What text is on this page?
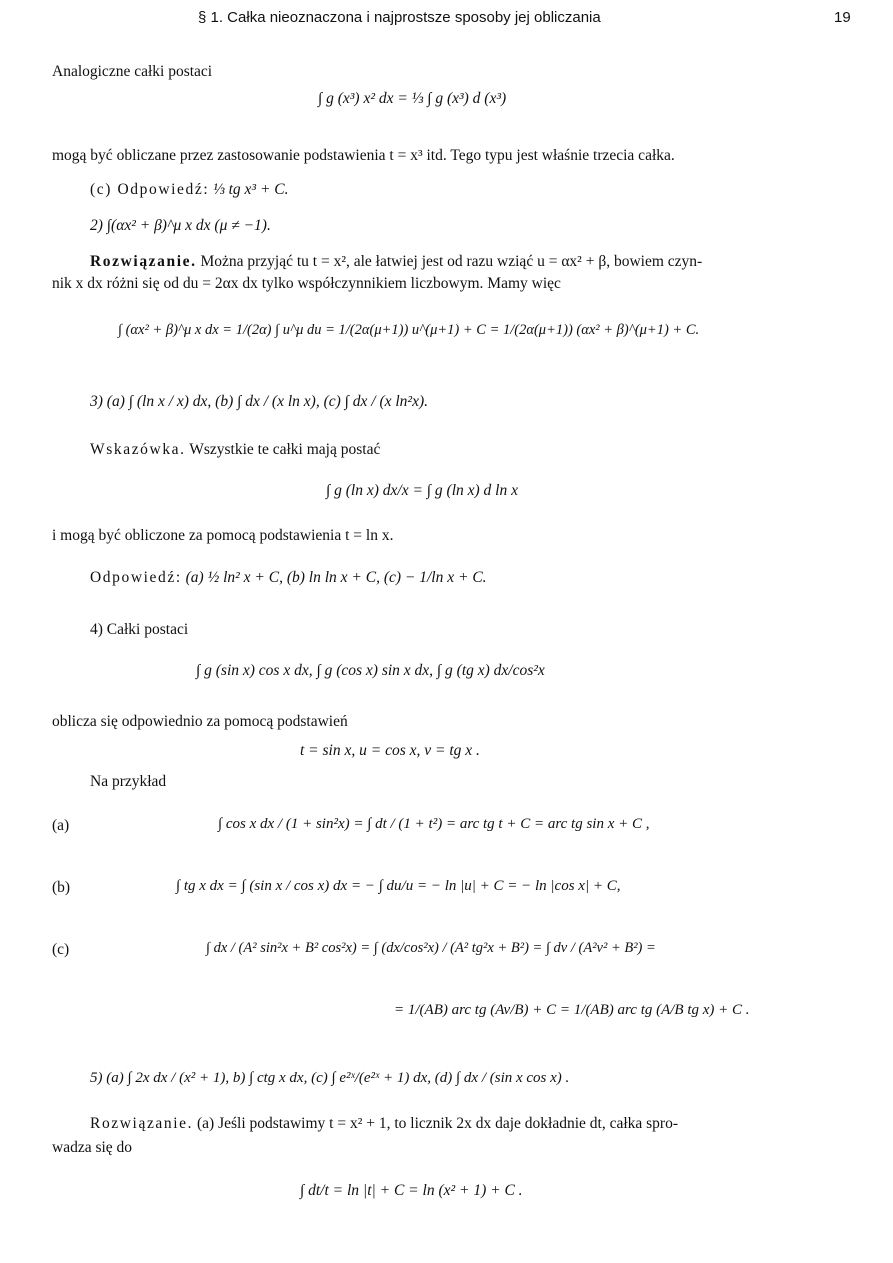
§ 1. Całka nieoznaczona i najprostsze sposoby jej obliczania	19
Analogiczne całki postaci
∫ g (x³) x² dx = ⅓ ∫ g (x³) d (x³)
mogą być obliczane przez zastosowanie podstawienia t = x³ itd. Tego typu jest właśnie trzecia całka.
(c) Odpowiedź: ⅓ tg x³ + C.
2) ∫(αx² + β)^μ x dx (μ ≠ −1).
Rozwiązanie. Można przyjąć tu t = x², ale łatwiej jest od razu wziąć u = αx² + β, bowiem czyn-
nik x dx różni się od du = 2αx dx tylko współczynnikiem liczbowym. Mamy więc
∫ (αx² + β)^μ x dx = 1/(2α) ∫ u^μ du = 1/(2α(μ+1)) u^(μ+1) + C = 1/(2α(μ+1)) (αx² + β)^(μ+1) + C.
3) (a) ∫ (ln x / x) dx, (b) ∫ dx / (x ln x), (c) ∫ dx / (x ln²x).
Wskazówka. Wszystkie te całki mają postać
∫ g (ln x) dx/x = ∫ g (ln x) d ln x
i mogą być obliczone za pomocą podstawienia t = ln x.
Odpowiedź: (a) ½ ln² x + C, (b) ln ln x + C, (c) − 1/ln x + C.
4) Całki postaci
∫ g (sin x) cos x dx, ∫ g (cos x) sin x dx, ∫ g (tg x) dx/cos²x
oblicza się odpowiednio za pomocą podstawień
t = sin x, u = cos x, v = tg x .
Na przykład
(a)	∫ cos x dx / (1 + sin²x) = ∫ dt / (1 + t²) = arc tg t + C = arc tg sin x + C ,
(b)	∫ tg x dx = ∫ (sin x / cos x) dx = − ∫ du/u = − ln |u| + C = − ln |cos x| + C,
(c)	∫ dx / (A² sin²x + B² cos²x) = ∫ (dx/cos²x) / (A² tg²x + B²) = ∫ dv / (A²v² + B²) =
= 1/(AB) arc tg (Av/B) + C = 1/(AB) arc tg (A/B tg x) + C .
5) (a) ∫ 2x dx / (x² + 1), b) ∫ ctg x dx, (c) ∫ e²ˣ/(e²ˣ + 1) dx, (d) ∫ dx / (sin x cos x) .
Rozwiązanie. (a) Jeśli podstawimy t = x² + 1, to licznik 2x dx daje dokładnie dt, całka spro-
wadza się do
∫ dt/t = ln |t| + C = ln (x² + 1) + C .
